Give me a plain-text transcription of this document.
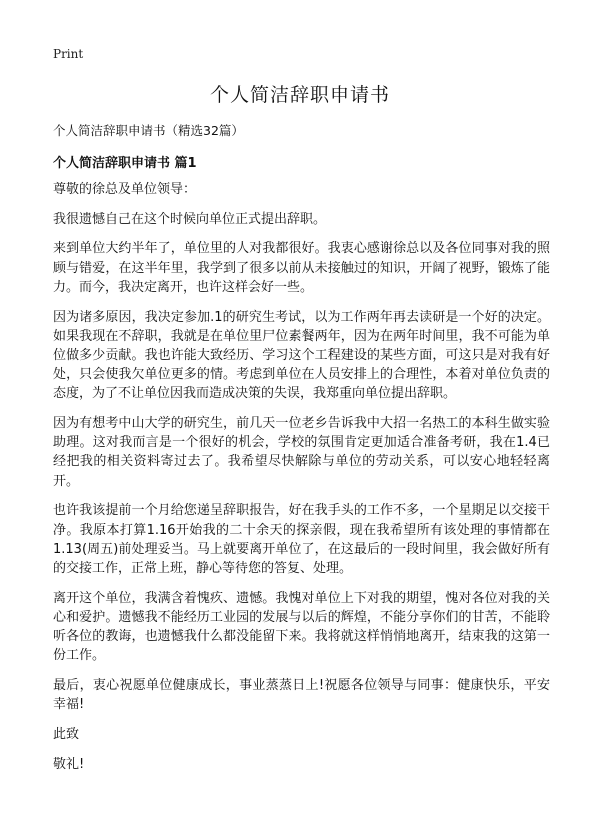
Print
个人简洁辞职申请书
个人简洁辞职申请书（精选32篇）
个人简洁辞职申请书 篇1

尊敬的徐总及单位领导：

我很遗憾自己在这个时候向单位正式提出辞职。

来到单位大约半年了，单位里的人对我都很好。我衷心感谢徐总以及各位同事对我的照顾与错爱，在这半年里，我学到了很多以前从未接触过的知识，开阔了视野，锻炼了能力。而今，我决定离开，也许这样会好一些。

因为诸多原因，我决定参加.1的研究生考试，以为工作两年再去读研是一个好的决定。如果我现在不辞职，我就是在单位里尸位素餐两年，因为在两年时间里，我不可能为单位做多少贡献。我也许能大致经历、学习这个工程建设的某些方面，可这只是对我有好处，只会使我欠单位更多的情。考虑到单位在人员安排上的合理性，本着对单位负责的态度，为了不让单位因我而造成决策的失误，我郑重向单位提出辞职。

因为有想考中山大学的研究生，前几天一位老乡告诉我中大招一名热工的本科生做实验助理。这对我而言是一个很好的机会，学校的氛围肯定更加适合准备考研，我在1.4已经把我的相关资料寄过去了。我希望尽快解除与单位的劳动关系，可以安心地轻轻离开。

也许我该提前一个月给您递呈辞职报告，好在我手头的工作不多，一个星期足以交接干净。我原本打算1.16开始我的二十余天的探亲假，现在我希望所有该处理的事情都在1.13(周五)前处理妥当。马上就要离开单位了，在这最后的一段时间里，我会做好所有的交接工作，正常上班，静心等待您的答复、处理。

离开这个单位，我满含着愧疚、遗憾。我愧对单位上下对我的期望，愧对各位对我的关心和爱护。遗憾我不能经历工业园的发展与以后的辉煌，不能分享你们的甘苦，不能聆听各位的教诲，也遗憾我什么都没能留下来。我将就这样悄悄地离开，结束我的这第一份工作。

最后，衷心祝愿单位健康成长，事业蒸蒸日上!祝愿各位领导与同事：健康快乐，平安幸福!

此致

敬礼!
